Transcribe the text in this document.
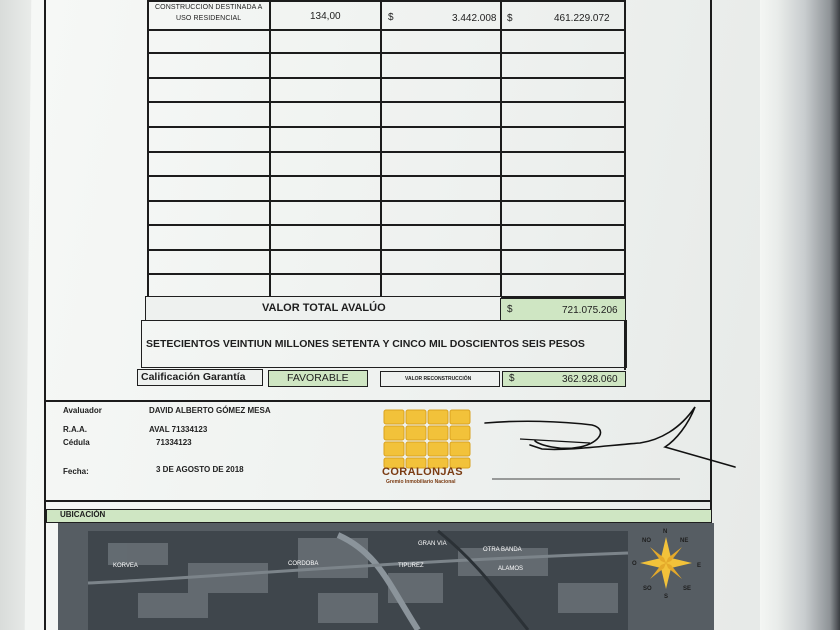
CONSTRUCCION DESTINADA A
USO RESIDENCIAL	134,00	$	3.442.008 $	461.229.072
VALOR TOTAL AVALÚO	$	721.075.206
SETECIENTOS VEINTIUN MILLONES SETENTA Y CINCO MIL DOSCIENTOS SEIS PESOS
Calificación Garantía	FAVORABLE	VALOR RECONSTRUCCIÓN	$	362.928.060
Avaluador	DAVID ALBERTO GÓMEZ MESA
R.A.A.	AVAL 71334123
Cédula	71334123
Fecha:	3 DE AGOSTO DE 2018	CORALONJAS
Gremio Inmobiliario Nacional
UBICACIÓN
KORVEA	CORDOBA	TIPUREZ
OTRA BANDA
ALAMOS
GRAN VIA
N
NO	NE
O	E
SO	SE
S
